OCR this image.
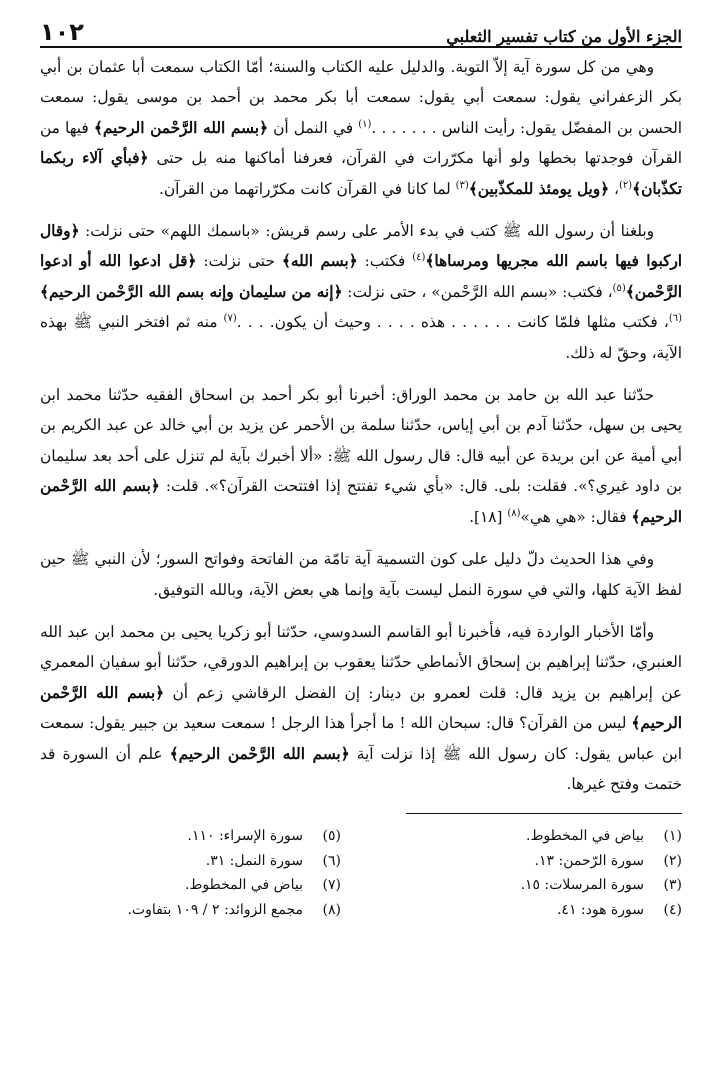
الجزء الأول من كتاب تفسير الثعلبي
١٠٢

وهي من كل سورة آية إلاّ التوبة. والدليل عليه الكتاب والسنة؛ أمّا الكتاب سمعت أبا عثمان بن أبي بكر الزعفراني يقول: سمعت أبي يقول: سمعت أبا بكر محمد بن أحمد بن موسى يقول: سمعت الحسن بن المفضّل يقول: رأيت الناس . . . . . . .$^{(١)}$ في النمل أن ﴿بسم الله الرَّحْمن الرحيم﴾ فيها من القرآن فوجدتها بخطها ولو أنها مكرّرات في القرآن، فعرفنا أماكنها منه بل حتى ﴿فبأي آلاء ربكما تكذّبان﴾$^{(٢)}$، ﴿ويل يومئذ للمكذّبين﴾$^{(٣)}$ لما كانا في القرآن كانت مكرّراتهما من القرآن.

وبلغنا أن رسول الله ﷺ كتب في بدء الأمر على رسم قريش: «باسمك اللهم» حتى نزلت: ﴿وقال اركبوا فيها باسم الله مجريها ومرساها﴾$^{(٤)}$ فكتب: ﴿بسم الله﴾ حتى نزلت: ﴿قل ادعوا الله أو ادعوا الرَّحْمن﴾$^{(٥)}$، فكتب: «بسم الله الرَّحْمن» ، حتى نزلت: ﴿إنه من سليمان وإنه بسم الله الرَّحْمن الرحيم﴾$^{(٦)}$، فكتب مثلها فلمّا كانت . . . . . . هذه . . . . وحيث أن يكون. . . .$^{(٧)}$ منه ثم افتخر النبي ﷺ بهذه الآية، وحقّ له ذلك.

حدّثنا عبد الله بن حامد بن محمد الوراق: أخبرنا أبو بكر أحمد بن اسحاق الفقيه حدّثنا محمد ابن يحيى بن سهل، حدّثنا آدم بن أبي إياس، حدّثنا سلمة بن الأحمر عن يزيد بن أبي خالد عن عبد الكريم بن أبي أمية عن ابن بريدة عن أبيه قال: قال رسول الله ﷺ: «ألا أخبرك بآية لم تنزل على أحد بعد سليمان بن داود غيري؟». فقلت: بلى. قال: «بأي شيء تفتتح إذا افتتحت القرآن؟». قلت: ﴿بسم الله الرَّحْمن الرحيم﴾ فقال: «هي هي»$^{(٨)}$ [١٨].

وفي هذا الحديث دلّ دليل على كون التسمية آية تامّة من الفاتحة وفواتح السور؛ لأن النبي ﷺ حين لفظ الآية كلها، والتي في سورة النمل ليست بآية وإنما هي بعض الآية، وبالله التوفيق.

وأمّا الأخبار الواردة فيه، فأخبرنا أبو القاسم السدوسي، حدّثنا أبو زكريا يحيى بن محمد ابن عبد الله العنبري، حدّثنا إبراهيم بن إسحاق الأنماطي حدّثنا يعقوب بن إبراهيم الدورقي، حدّثنا أبو سفيان المعمري عن إبراهيم بن يزيد قال: قلت لعمرو بن دينار: إن الفضل الرقاشي زعم أن ﴿بسم الله الرَّحْمن الرحيم﴾ ليس من القرآن؟ قال: سبحان الله ! ما أجرأ هذا الرجل ! سمعت سعيد بن جبير يقول: سمعت ابن عباس يقول: كان رسول الله ﷺ إذا نزلت آية ﴿بسم الله الرَّحْمن الرحيم﴾ علم أن السورة قد ختمت وفتح غيرها.

(١)
بياض في المخطوط.
(٢)
سورة الرّحمن: ١٣.
(٣)
سورة المرسلات: ١٥.
(٤)
سورة هود: ٤١.
(٥)
سورة الإسراء: ١١٠.
(٦)
سورة النمل: ٣١.
(٧)
بياض في المخطوط.
(٨)
مجمع الزوائد: ٢ / ١٠٩ بتفاوت.
